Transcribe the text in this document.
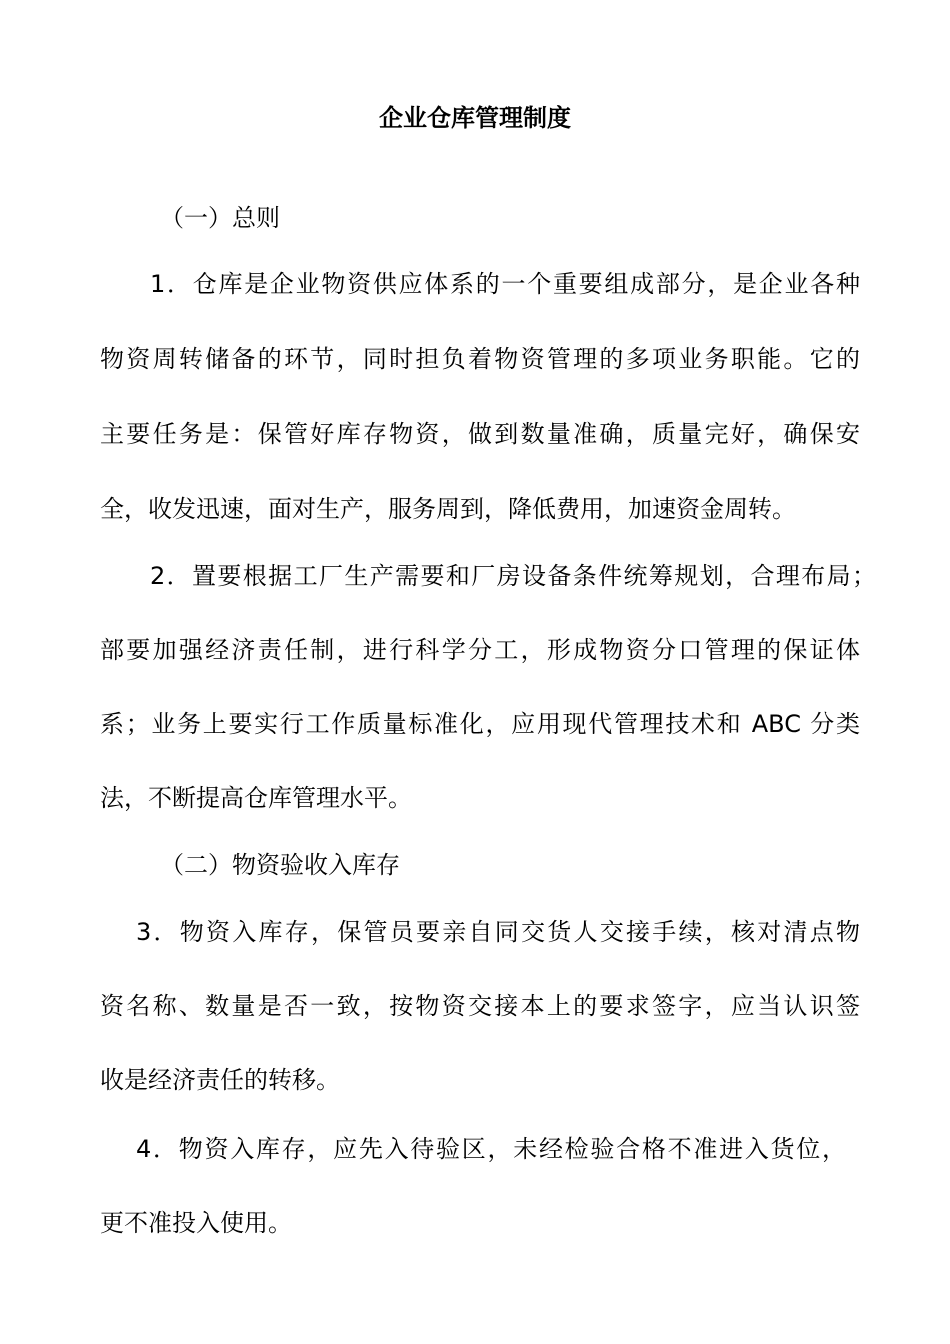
企业仓库管理制度

（一）总则

1．仓库是企业物资供应体系的一个重要组成部分，是企业各种

物资周转储备的环节，同时担负着物资管理的多项业务职能。它的

主要任务是：保管好库存物资，做到数量准确，质量完好，确保安

全，收发迅速，面对生产，服务周到，降低费用，加速资金周转。

2．置要根据工厂生产需要和厂房设备条件统筹规划，合理布局；

部要加强经济责任制，进行科学分工，形成物资分口管理的保证体

系；业务上要实行工作质量标准化，应用现代管理技术和 ABC 分类

法，不断提高仓库管理水平。

（二）物资验收入库存

3．物资入库存，保管员要亲自同交货人交接手续，核对清点物

资名称、数量是否一致，按物资交接本上的要求签字，应当认识签

收是经济责任的转移。

4．物资入库存，应先入待验区，未经检验合格不准进入货位，

更不准投入使用。
